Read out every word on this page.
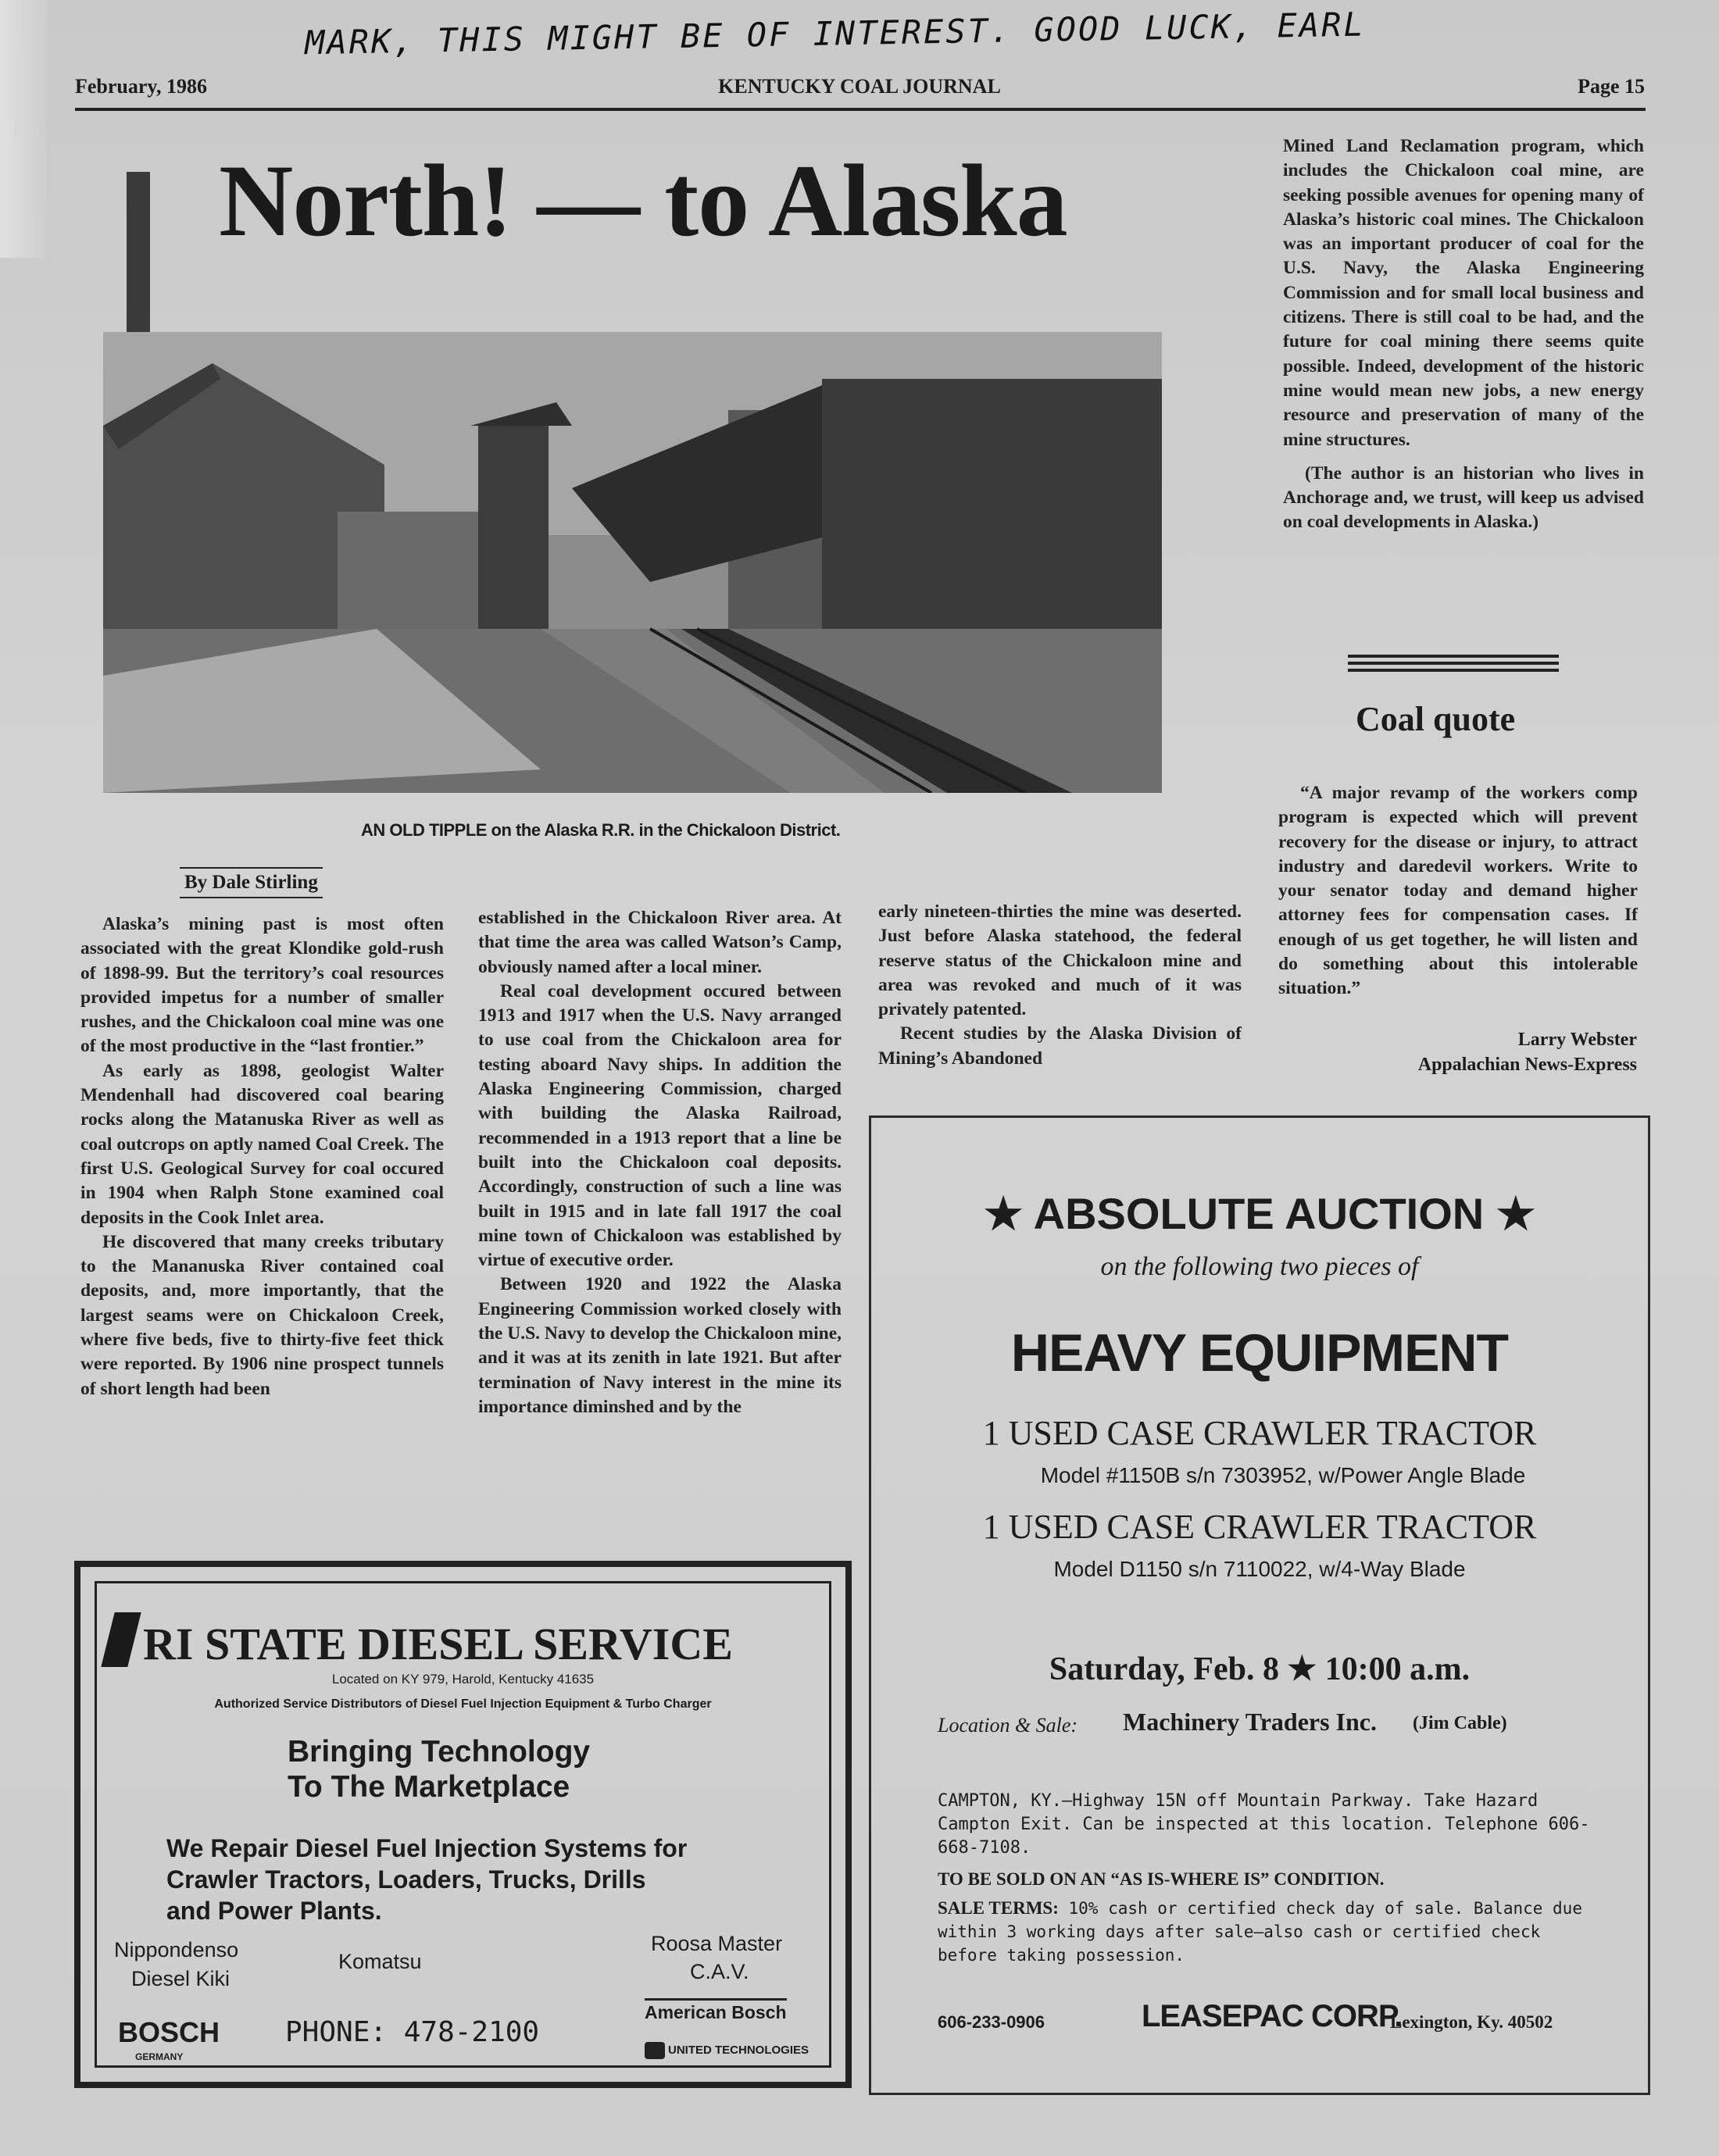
MARK, THIS MIGHT BE OF INTEREST. GOOD LUCK, EARL
February, 1986	KENTUCKY COAL JOURNAL	Page 15
North! — to Alaska
AN OLD TIPPLE on the Alaska R.R. in the Chickaloon District.
By Dale Stirling

Alaska’s mining past is most often associated with the great Klondike gold-rush of 1898-99. But the territory’s coal resources provided impetus for a number of smaller rushes, and the Chickaloon coal mine was one of the most productive in the “last frontier.”

As early as 1898, geologist Walter Mendenhall had discovered coal bearing rocks along the Matanuska River as well as coal outcrops on aptly named Coal Creek. The first U.S. Geological Survey for coal occured in 1904 when Ralph Stone examined coal deposits in the Cook Inlet area.

He discovered that many creeks tributary to the Mananuska River contained coal deposits, and, more importantly, that the largest seams were on Chickaloon Creek, where five beds, five to thirty-five feet thick were reported. By 1906 nine prospect tunnels of short length had been

established in the Chickaloon River area. At that time the area was called Watson’s Camp, obviously named after a local miner.

Real coal development occured between 1913 and 1917 when the U.S. Navy arranged to use coal from the Chickaloon area for testing aboard Navy ships. In addition the Alaska Engineering Commission, charged with building the Alaska Railroad, recommended in a 1913 report that a line be built into the Chickaloon coal deposits. Accordingly, construction of such a line was built in 1915 and in late fall 1917 the coal mine town of Chickaloon was established by virtue of executive order.

Between 1920 and 1922 the Alaska Engineering Commission worked closely with the U.S. Navy to develop the Chickaloon mine, and it was at its zenith in late 1921. But after termination of Navy interest in the mine its importance diminshed and by the

early nineteen-thirties the mine was deserted. Just before Alaska statehood, the federal reserve status of the Chickaloon mine and area was revoked and much of it was privately patented.

Recent studies by the Alaska Division of Mining’s Abandoned

Mined Land Reclamation program, which includes the Chickaloon coal mine, are seeking possible avenues for opening many of Alaska’s historic coal mines. The Chickaloon was an important producer of coal for the U.S. Navy, the Alaska Engineering Commission and for small local business and citizens. There is still coal to be had, and the future for coal mining there seems quite possible. Indeed, development of the historic mine would mean new jobs, a new energy resource and preservation of many of the mine structures.

(The author is an historian who lives in Anchorage and, we trust, will keep us advised on coal developments in Alaska.)

Coal quote

“A major revamp of the workers comp program is expected which will prevent recovery for the disease or injury, to attract industry and daredevil workers. Write to your senator today and demand higher attorney fees for compensation cases. If enough of us get together, he will listen and do something about this intolerable situation.”

Larry Webster
Appalachian News-Express
RI STATE DIESEL SERVICE
Located on KY 979, Harold, Kentucky 41635
Authorized Service Distributors of Diesel Fuel Injection Equipment & Turbo Charger
Bringing Technology
To The Marketplace
We Repair Diesel Fuel Injection Systems for
Crawler Tractors, Loaders, Trucks, Drills
and Power Plants.
Nippondenso
Diesel Kiki
Komatsu
Roosa Master
C.A.V.
American Bosch
BOSCH
GERMANY
PHONE: 478-2100
UNITED TECHNOLOGIES
★ ABSOLUTE AUCTION ★
on the following two pieces of
HEAVY EQUIPMENT
1 USED CASE CRAWLER TRACTOR
Model #1150B s/n 7303952, w/Power Angle Blade
1 USED CASE CRAWLER TRACTOR
Model D1150 s/n 7110022, w/4-Way Blade
Saturday, Feb. 8 ★ 10:00 a.m.
Location & Sale: Machinery Traders Inc. (Jim Cable)
CAMPTON, KY.—Highway 15N off Mountain Parkway. Take Hazard Campton Exit. Can be inspected at this location. Telephone 606-668-7108.
TO BE SOLD ON AN “AS IS-WHERE IS” CONDITION.
SALE TERMS: 10% cash or certified check day of sale. Balance due within 3 working days after sale—also cash or certified check before taking possession.
606-233-0906	LEASEPAC CORP.
Lexington, Ky. 40502
